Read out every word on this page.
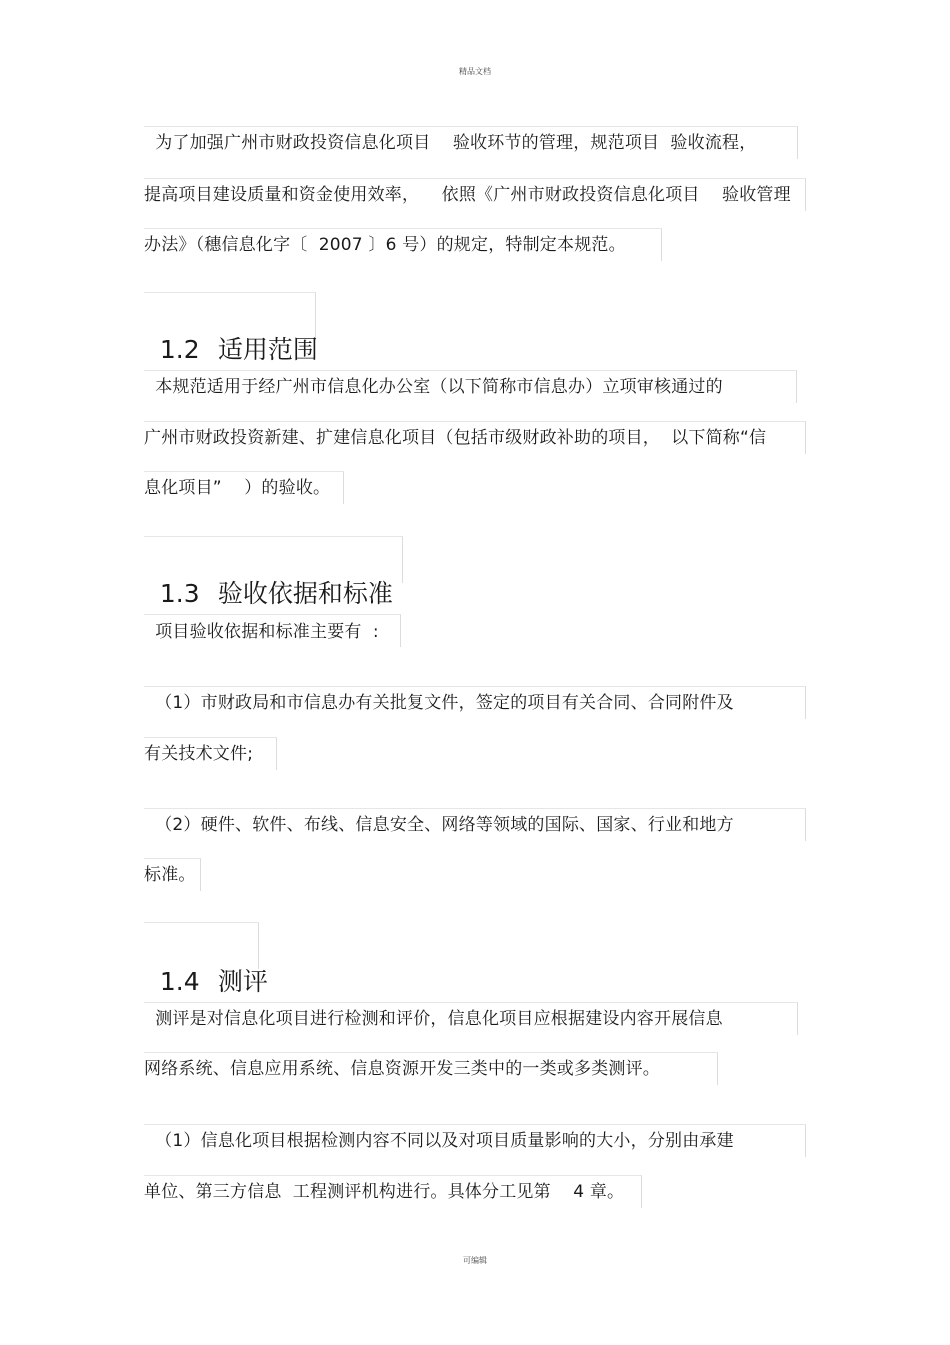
精品文档
为了加强广州市财政投资信息化项目    验收环节的管理，规范项目  验收流程，
提高项目建设质量和资金使用效率，    依照《广州市财政投资信息化项目    验收管理
办法》（穗信息化字〔  2007 〕6 号）的规定，特制定本规范。

1.2 适用范围

本规范适用于经广州市信息化办公室（以下简称市信息办）立项审核通过的
广州市财政投资新建、扩建信息化项目（包括市级财政补助的项目，  以下简称“信
息化项目”    ）的验收。

1.3 验收依据和标准

项目验收依据和标准主要有  :
（1）市财政局和市信息办有关批复文件，签定的项目有关合同、合同附件及
有关技术文件;
（2）硬件、软件、布线、信息安全、网络等领域的国际、国家、行业和地方
标准。

1.4 测评

测评是对信息化项目进行检测和评价，信息化项目应根据建设内容开展信息
网络系统、信息应用系统、信息资源开发三类中的一类或多类测评。
（1）信息化项目根据检测内容不同以及对项目质量影响的大小，分别由承建
单位、第三方信息  工程测评机构进行。具体分工见第    4 章。
可编辑
